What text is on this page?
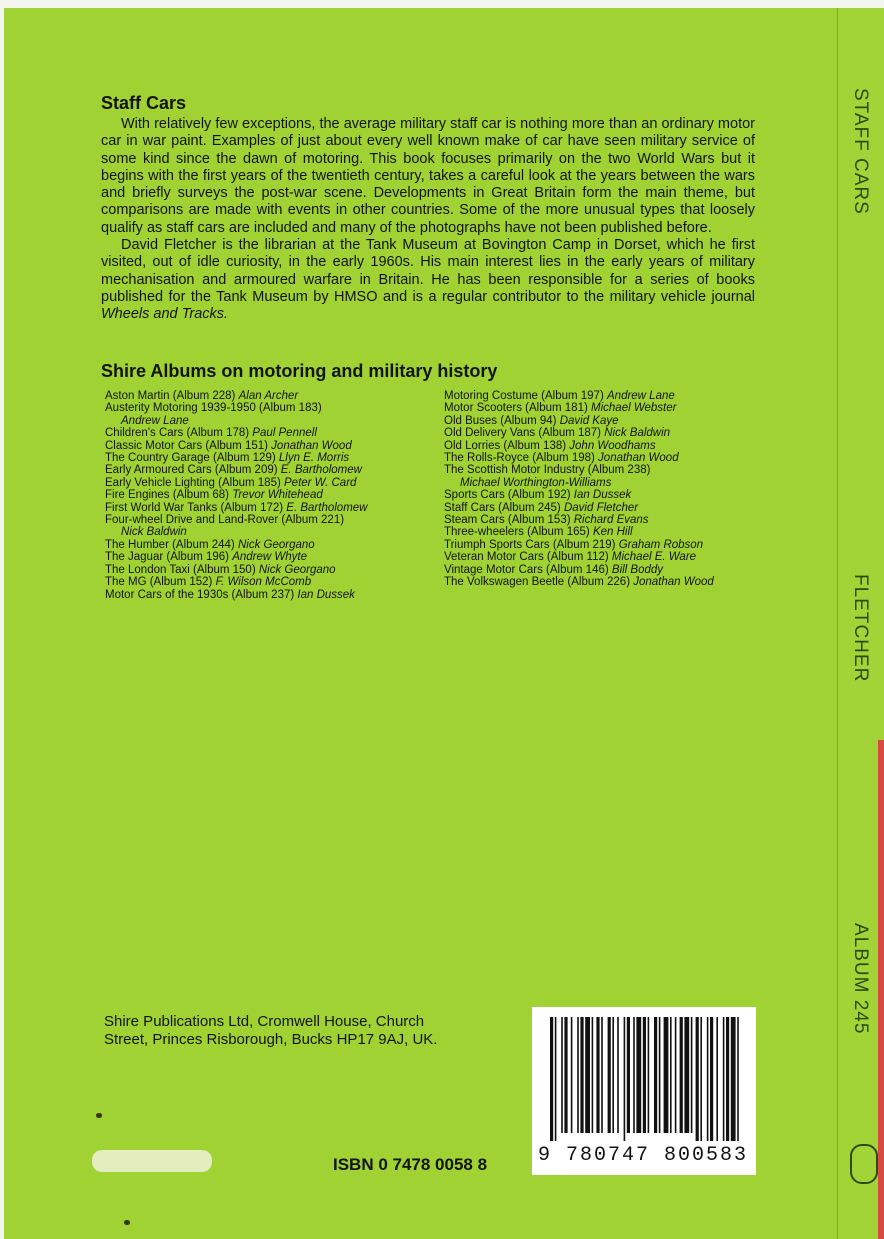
STAFF CARS
FLETCHER
ALBUM 245
Staff Cars

With relatively few exceptions, the average military staff car is nothing more than an ordinary motor car in war paint. Examples of just about every well known make of car have seen military service of some kind since the dawn of motoring. This book focuses primarily on the two World Wars but it begins with the first years of the twentieth century, takes a careful look at the years between the wars and briefly surveys the post-war scene. Developments in Great Britain form the main theme, but comparisons are made with events in other countries. Some of the more unusual types that loosely qualify as staff cars are included and many of the photographs have not been published before.

David Fletcher is the librarian at the Tank Museum at Bovington Camp in Dorset, which he first visited, out of idle curiosity, in the early 1960s. His main interest lies in the early years of military mechanisation and armoured warfare in Britain. He has been responsible for a series of books published for the Tank Museum by HMSO and is a regular contributor to the military vehicle journal Wheels and Tracks.

Shire Albums on motoring and military history
Aston Martin (Album 228) Alan Archer
Austerity Motoring 1939-1950 (Album 183)
Andrew Lane
Children's Cars (Album 178) Paul Pennell
Classic Motor Cars (Album 151) Jonathan Wood
The Country Garage (Album 129) Llyn E. Morris
Early Armoured Cars (Album 209) E. Bartholomew
Early Vehicle Lighting (Album 185) Peter W. Card
Fire Engines (Album 68) Trevor Whitehead
First World War Tanks (Album 172) E. Bartholomew
Four-wheel Drive and Land-Rover (Album 221)
Nick Baldwin
The Humber (Album 244) Nick Georgano
The Jaguar (Album 196) Andrew Whyte
The London Taxi (Album 150) Nick Georgano
The MG (Album 152) F. Wilson McComb
Motor Cars of the 1930s (Album 237) Ian Dussek
Motoring Costume (Album 197) Andrew Lane
Motor Scooters (Album 181) Michael Webster
Old Buses (Album 94) David Kaye
Old Delivery Vans (Album 187) Nick Baldwin
Old Lorries (Album 138) John Woodhams
The Rolls-Royce (Album 198) Jonathan Wood
The Scottish Motor Industry (Album 238)
Michael Worthington-Williams
Sports Cars (Album 192) Ian Dussek
Staff Cars (Album 245) David Fletcher
Steam Cars (Album 153) Richard Evans
Three-wheelers (Album 165) Ken Hill
Triumph Sports Cars (Album 219) Graham Robson
Veteran Motor Cars (Album 112) Michael E. Ware
Vintage Motor Cars (Album 146) Bill Boddy
The Volkswagen Beetle (Album 226) Jonathan Wood
Shire Publications Ltd, Cromwell House, Church
Street, Princes Risborough, Bucks HP17 9AJ, UK.
ISBN 0 7478 0058 8	9 780747 800583
